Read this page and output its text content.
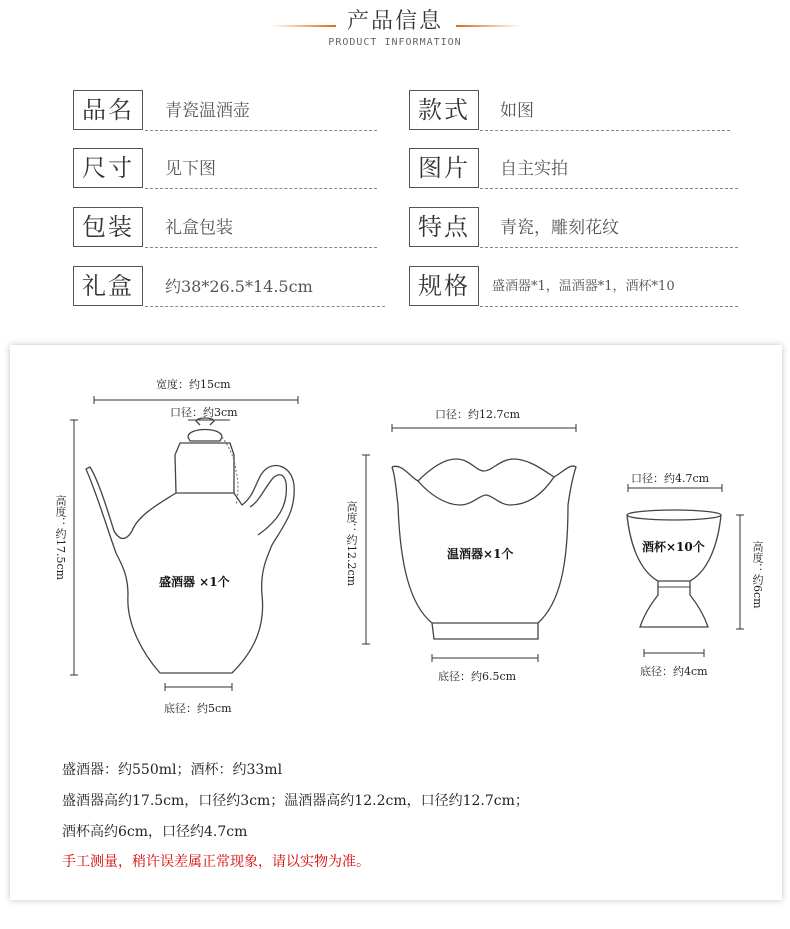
产品信息
PRODUCT INFORMATION
品名	青瓷温酒壶	款式	如图
尺寸	见下图	图片	自主实拍
包装	礼盒包装	特点	青瓷，雕刻花纹
礼盒	约38*26.5*14.5cm	规格	盛酒器*1，温酒器*1，酒杯*10
宽度：约15cm
口径：约3cm
高度：约17.5cm
底径：约5cm
盛酒器 ×1个
口径：约12.7cm
高度：约12.2cm
底径：约6.5cm
温酒器×1个
口径：约4.7cm
高度：约6cm
底径：约4cm
酒杯×10个
盛酒器：约550ml；酒杯：约33ml
盛酒器高约17.5cm，口径约3cm；温酒器高约12.2cm，口径约12.7cm；
酒杯高约6cm，口径约4.7cm
手工测量，稍许误差属正常现象，请以实物为准。
